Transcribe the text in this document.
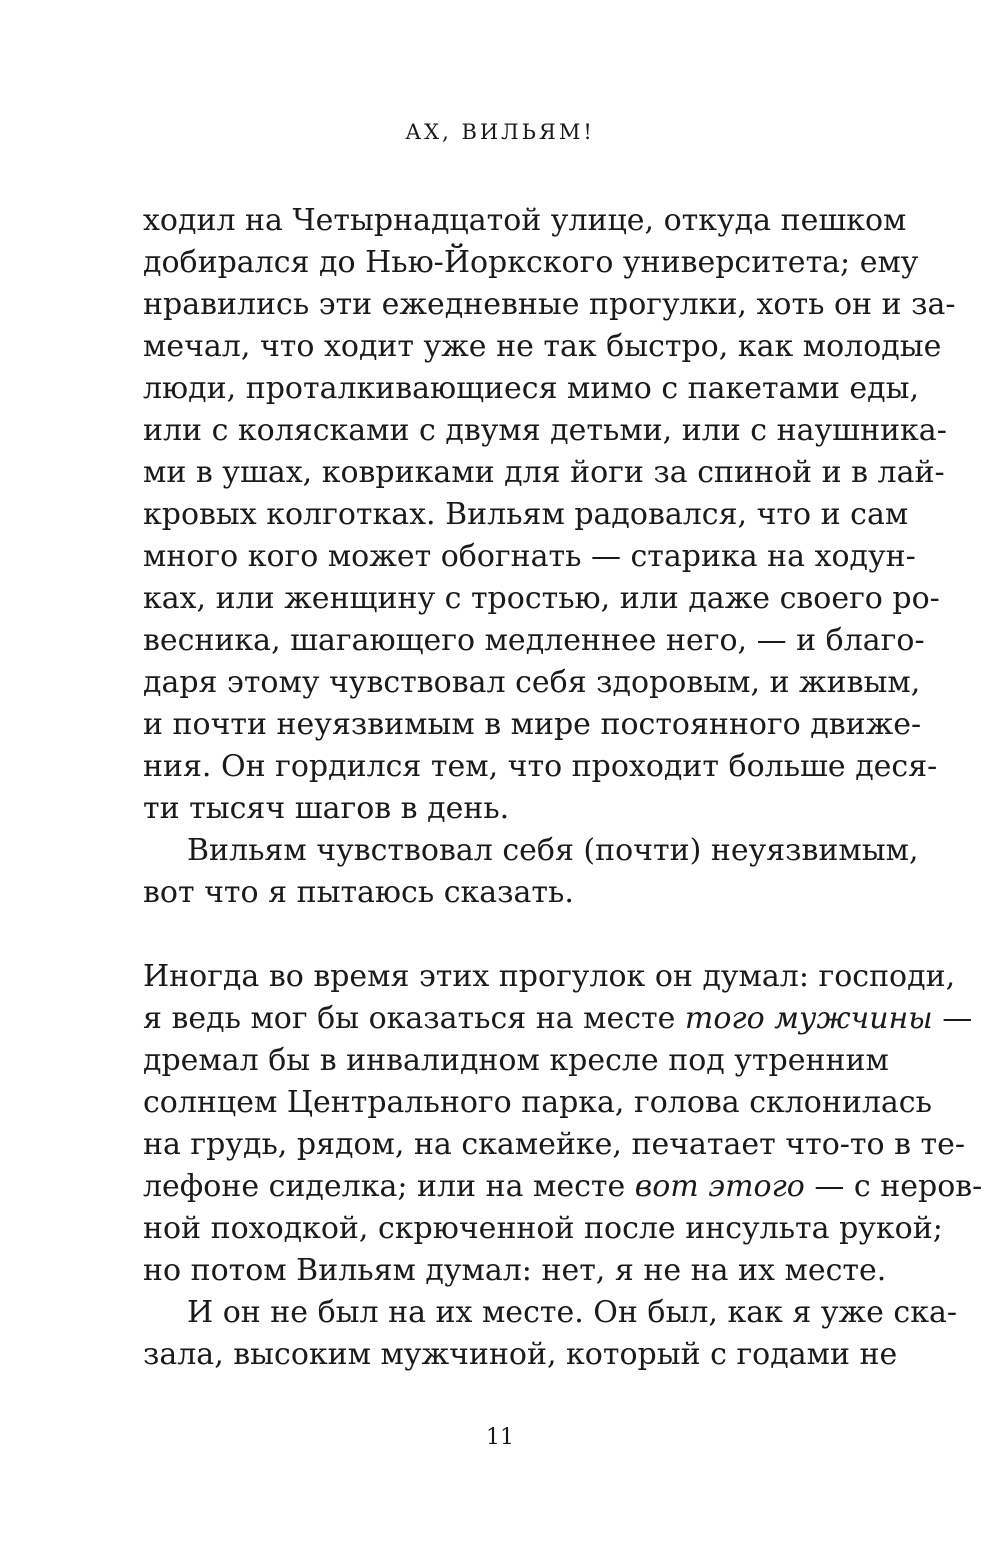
АХ, ВИЛЬЯМ!
ходил на Четырнадцатой улице, откуда пешком
добирался до Нью-Йоркского университета; ему
нравились эти ежедневные прогулки, хоть он и за-
мечал, что ходит уже не так быстро, как молодые
люди, проталкивающиеся мимо с пакетами еды,
или с колясками с двумя детьми, или с наушника-
ми в ушах, ковриками для йоги за спиной и в лай-
кровых колготках. Вильям радовался, что и сам
много кого может обогнать — старика на ходун-
ках, или женщину с тростью, или даже своего ро-
весника, шагающего медленнее него, — и благо-
даря этому чувствовал себя здоровым, и живым,
и почти неуязвимым в мире постоянного движе-
ния. Он гордился тем, что проходит больше деся-
ти тысяч шагов в день.
Вильям чувствовал себя (почти) неуязвимым,
вот что я пытаюсь сказать.
Иногда во время этих прогулок он думал: господи,
я ведь мог бы оказаться на месте того мужчины —
дремал бы в инвалидном кресле под утренним
солнцем Центрального парка, голова склонилась
на грудь, рядом, на скамейке, печатает что-то в те-
лефоне сиделка; или на месте вот этого — с неров-
ной походкой, скрюченной после инсульта рукой;
но потом Вильям думал: нет, я не на их месте.
И он не был на их месте. Он был, как я уже ска-
зала, высоким мужчиной, который с годами не
11
